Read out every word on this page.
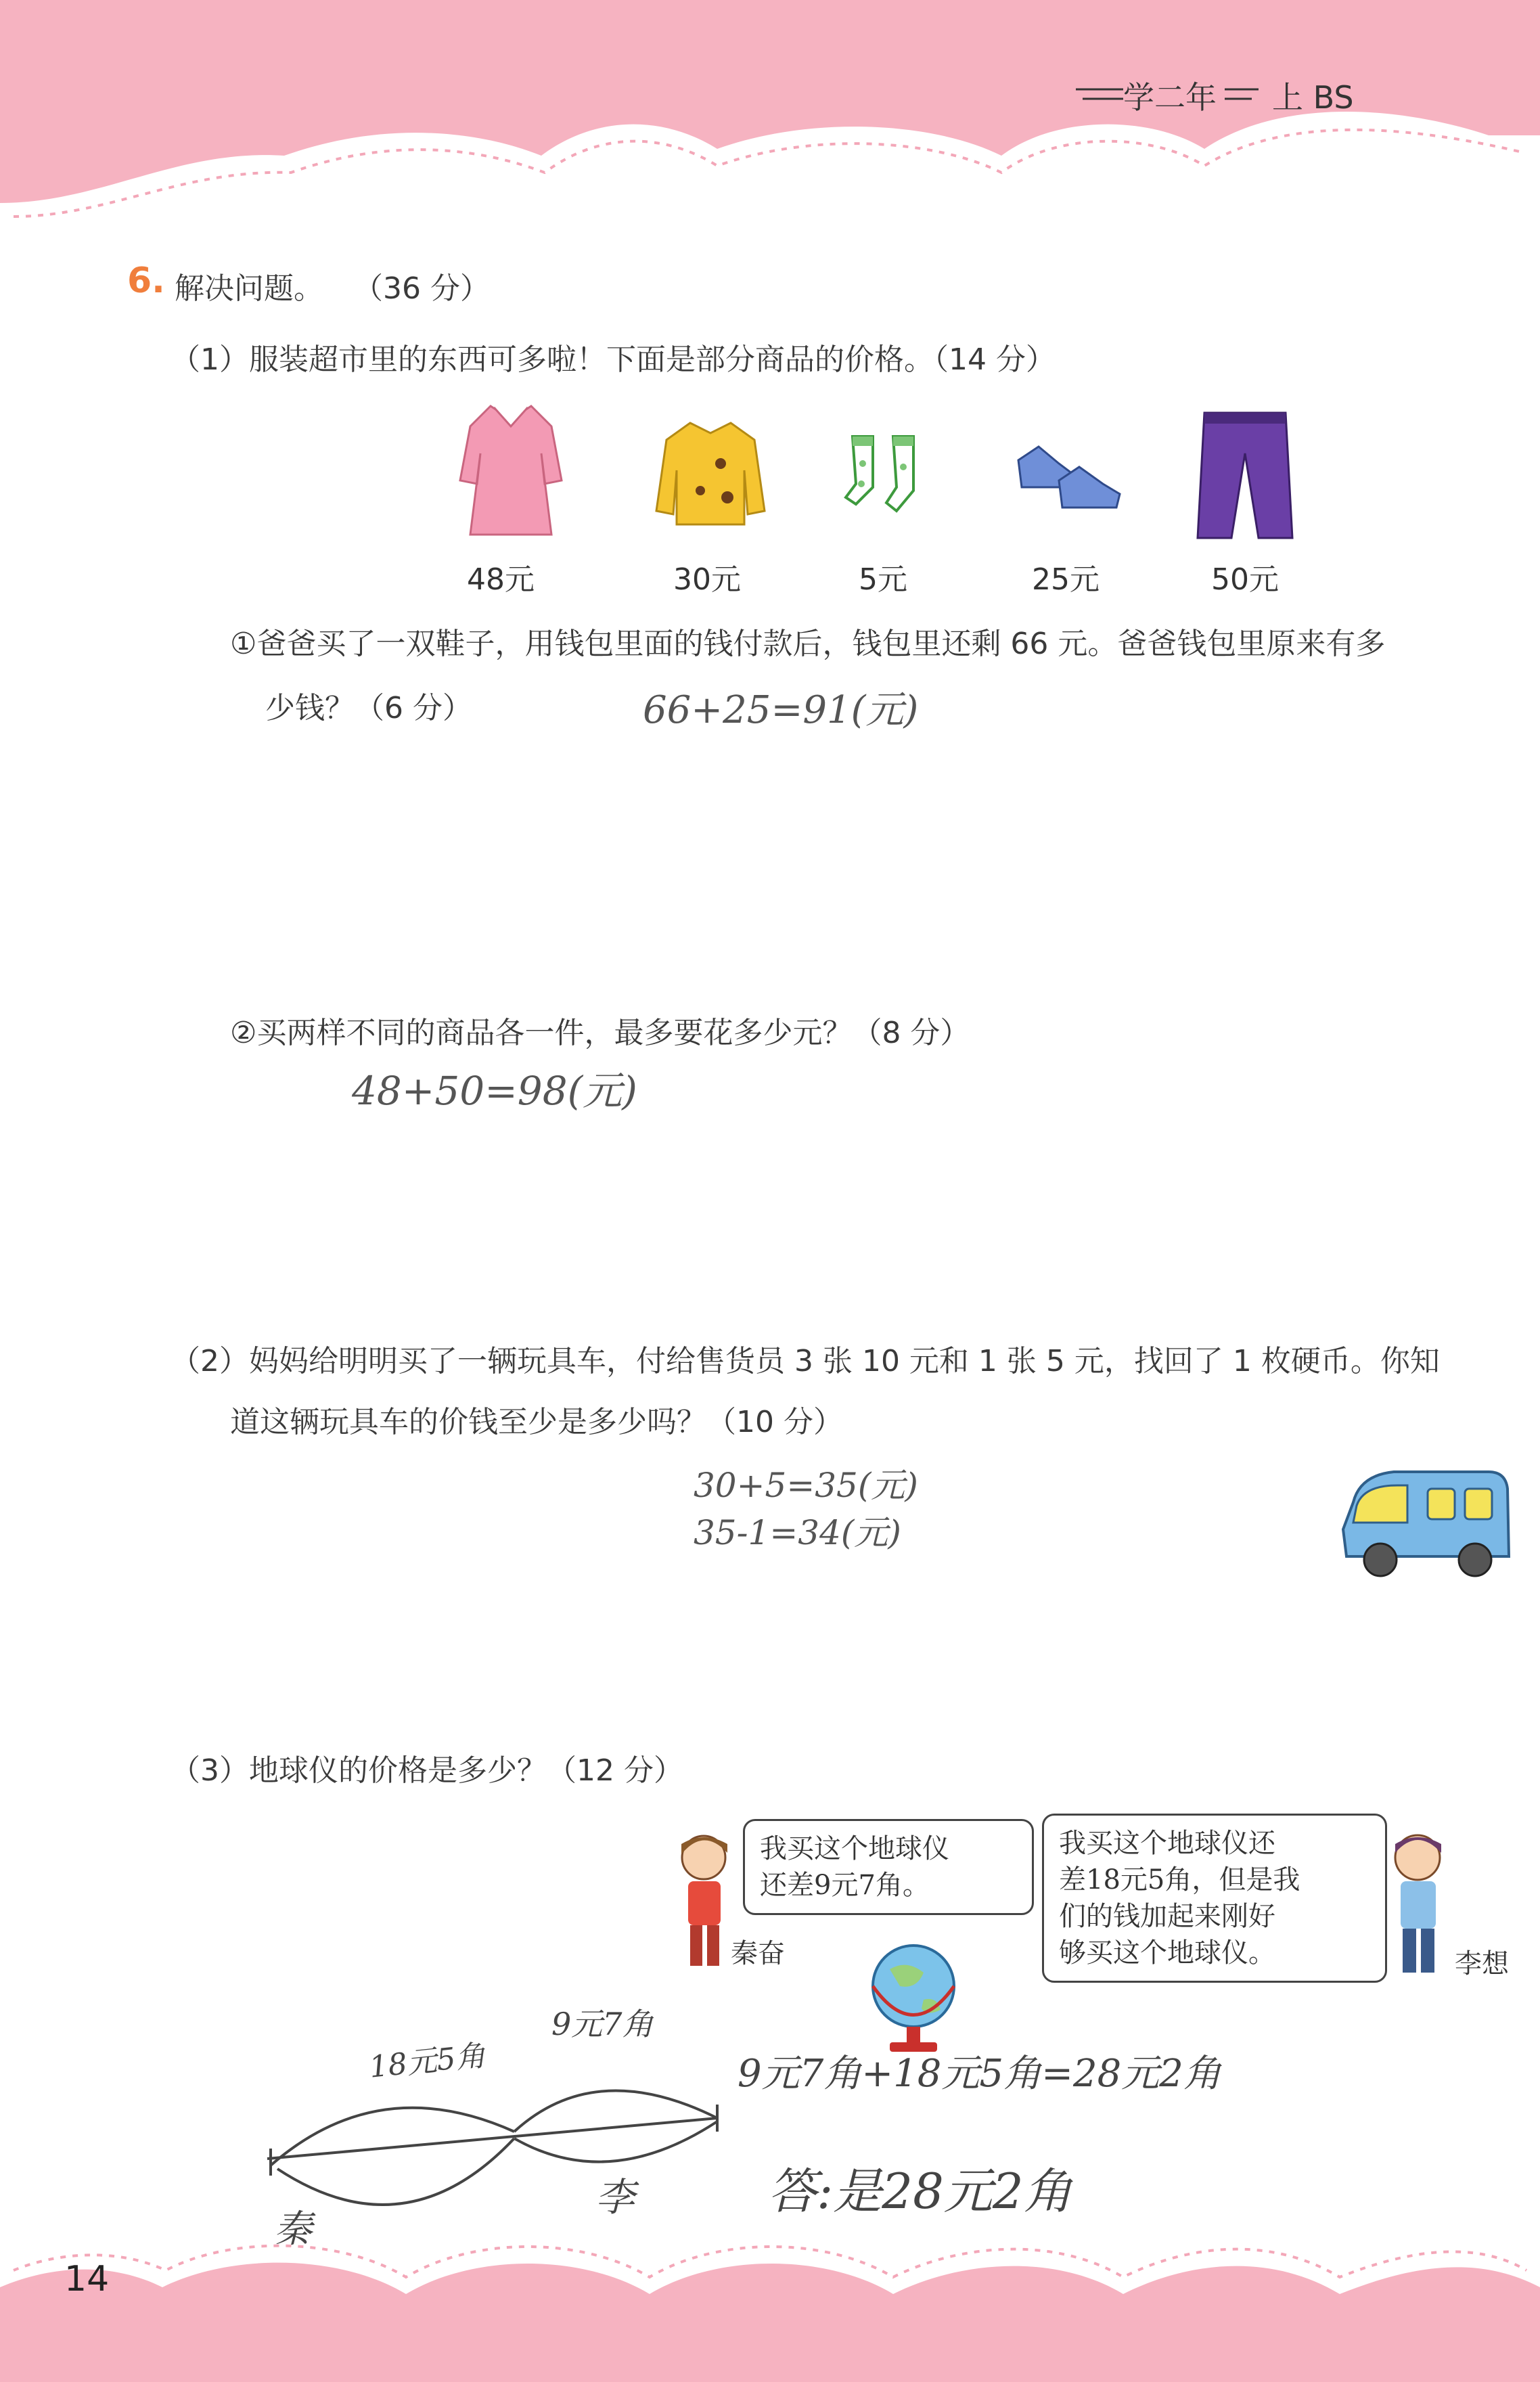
学二年 上 BS
6. 解决问题。 （36 分）
（1）服装超市里的东西可多啦！下面是部分商品的价格。（14 分）
48元	30元	5元	25元	50元
①爸爸买了一双鞋子，用钱包里面的钱付款后，钱包里还剩 66 元。爸爸钱包里原来有多
少钱？（6 分）	66+25=91(元)
②买两样不同的商品各一件，最多要花多少元？（8 分）
48+50=98(元)
（2）妈妈给明明买了一辆玩具车，付给售货员 3 张 10 元和 1 张 5 元，找回了 1 枚硬币。你知
道这辆玩具车的价钱至少是多少吗？（10 分）
30+5=35(元)
35-1=34(元)
（3）地球仪的价格是多少？（12 分）
我买这个地球仪
还差9元7角。
秦奋
我买这个地球仪还
差18元5角，但是我
们的钱加起来刚好
够买这个地球仪。	李想
18元5角
9元7角
秦
李
9元7角+18元5角=28元2角
答:是28元2角
14
